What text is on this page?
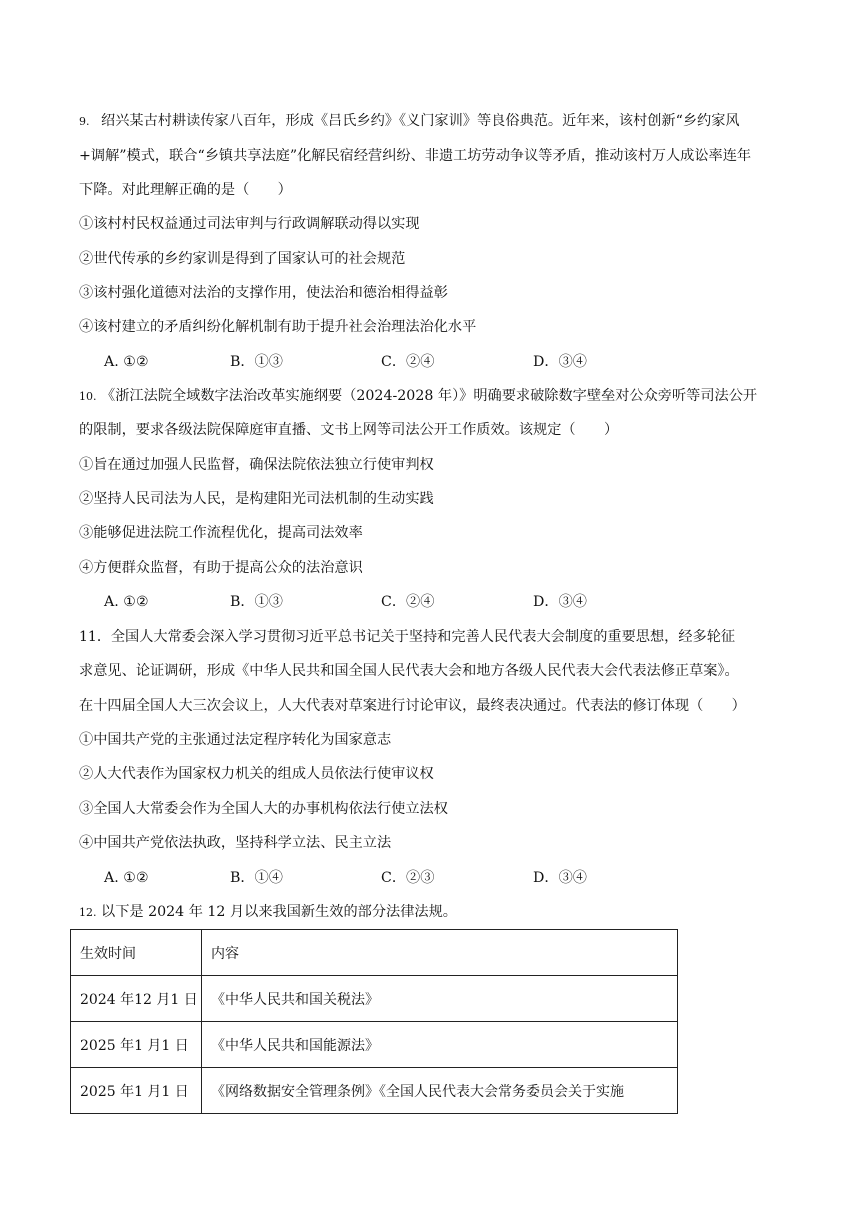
9. 绍兴某古村耕读传家八百年，形成《吕氏乡约》《义门家训》等良俗典范。近年来，该村创新“乡约家风
+调解”模式，联合“乡镇共享法庭”化解民宿经营纠纷、非遗工坊劳动争议等矛盾，推动该村万人成讼率连年
下降。对此理解正确的是（　　）
①该村村民权益通过司法审判与行政调解联动得以实现
②世代传承的乡约家训是得到了国家认可的社会规范
③该村强化道德对法治的支撑作用，使法治和德治相得益彰
④该村建立的矛盾纠纷化解机制有助于提升社会治理法治化水平
A. ①②	B．①③	C．②④	D．③④
10. 《浙江法院全域数字法治改革实施纲要（2024-2028 年）》明确要求破除数字壁垒对公众旁听等司法公开
的限制，要求各级法院保障庭审直播、文书上网等司法公开工作质效。该规定（　　）
①旨在通过加强人民监督，确保法院依法独立行使审判权
②坚持人民司法为人民，是构建阳光司法机制的生动实践
③能够促进法院工作流程优化，提高司法效率
④方便群众监督，有助于提高公众的法治意识
A. ①②	B．①③	C．②④	D．③④
11．全国人大常委会深入学习贯彻习近平总书记关于坚持和完善人民代表大会制度的重要思想，经多轮征
求意见、论证调研，形成《中华人民共和国全国人民代表大会和地方各级人民代表大会代表法修正草案》。
在十四届全国人大三次会议上，人大代表对草案进行讨论审议，最终表决通过。代表法的修订体现（　　）
①中国共产党的主张通过法定程序转化为国家意志
②人大代表作为国家权力机关的组成人员依法行使审议权
③全国人大常委会作为全国人大的办事机构依法行使立法权
④中国共产党依法执政，坚持科学立法、民主立法
A. ①②	B．①④	C．②③	D．③④
12. 以下是 2024 年 12 月以来我国新生效的部分法律法规。
生效时间	内容
2024 年12 月1 日	《中华人民共和国关税法》
2025 年1 月1 日	《中华人民共和国能源法》
2025 年1 月1 日	《网络数据安全管理条例》《全国人民代表大会常务委员会关于实施
